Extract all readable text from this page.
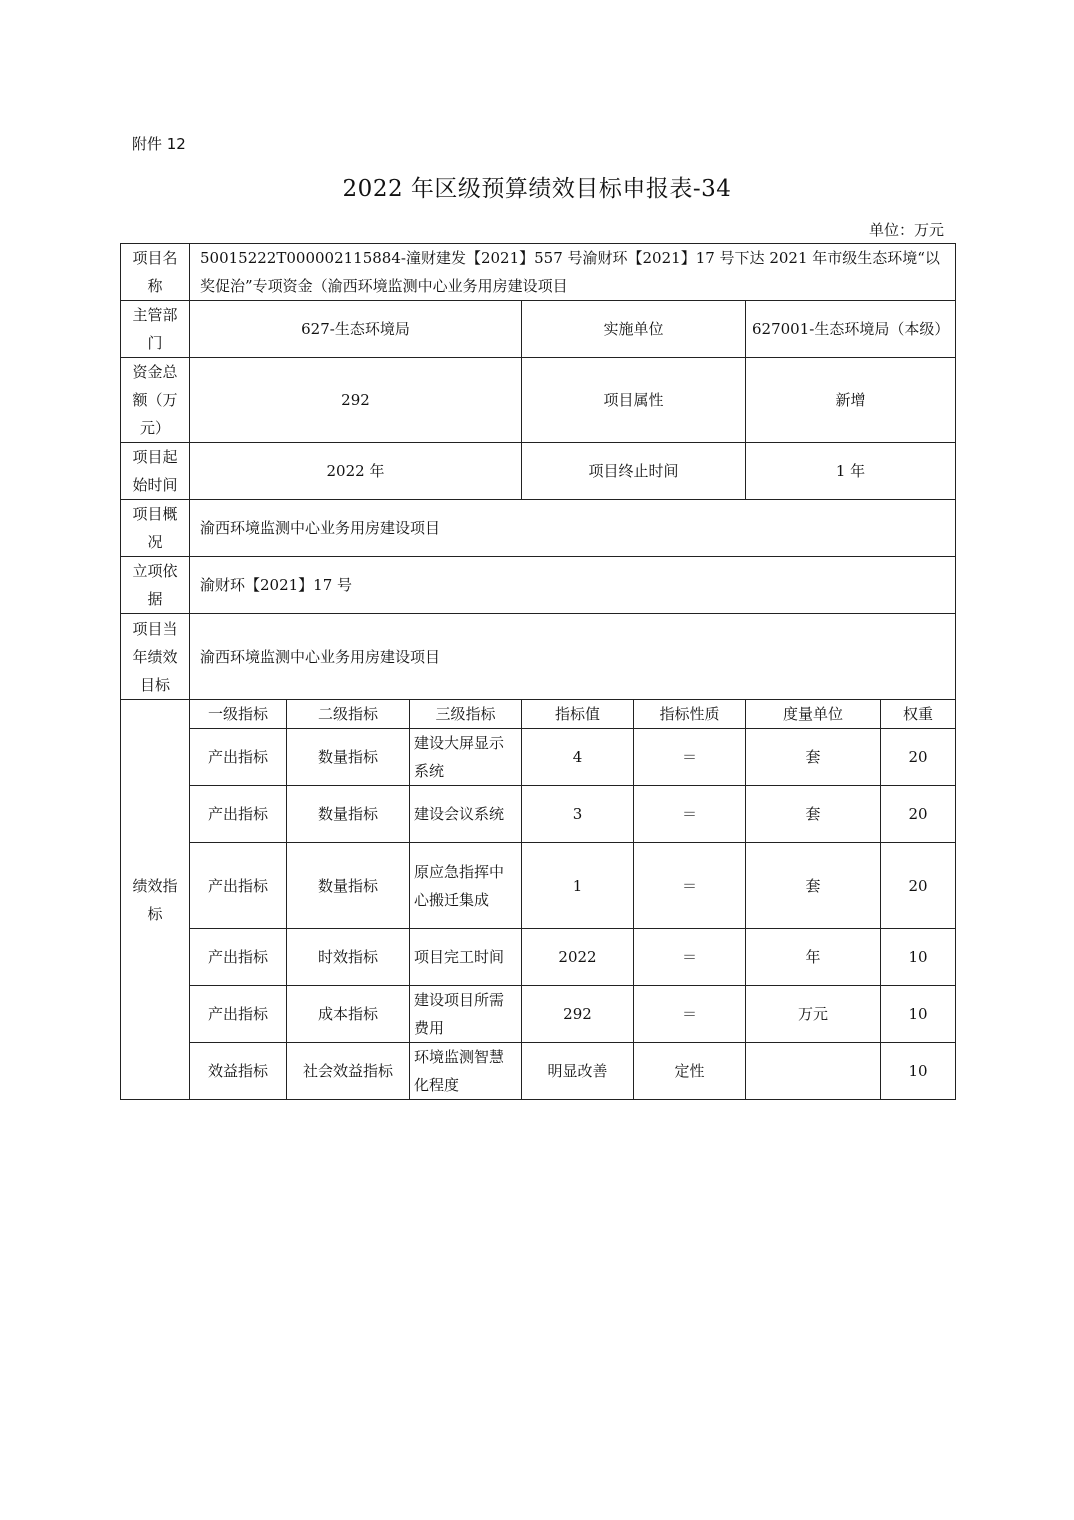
附件 12
2022 年区级预算绩效目标申报表-34
单位：万元
项目名称	50015222T000002115884-潼财建发【2021】557 号渝财环【2021】17 号下达 2021 年市级生态环境“以奖促治”专项资金（渝西环境监测中心业务用房建设项目						
主管部门	627-生态环境局			实施单位		627001-生态环境局（本级）	
资金总额（万元）	292			项目属性		新增	
项目起始时间	2022 年			项目终止时间		1 年	
项目概况	渝西环境监测中心业务用房建设项目						
立项依据	渝财环【2021】17 号						
项目当年绩效目标	渝西环境监测中心业务用房建设项目						
绩效指标	一级指标	二级指标	三级指标	指标值	指标性质	度量单位	权重
	产出指标	数量指标	建设大屏显示系统	4	＝	套	20
	产出指标	数量指标	建设会议系统	3	＝	套	20
	产出指标	数量指标	原应急指挥中心搬迁集成	1	＝	套	20
	产出指标	时效指标	项目完工时间	2022	＝	年	10
	产出指标	成本指标	建设项目所需费用	292	＝	万元	10
	效益指标	社会效益指标	环境监测智慧化程度	明显改善	定性		10
